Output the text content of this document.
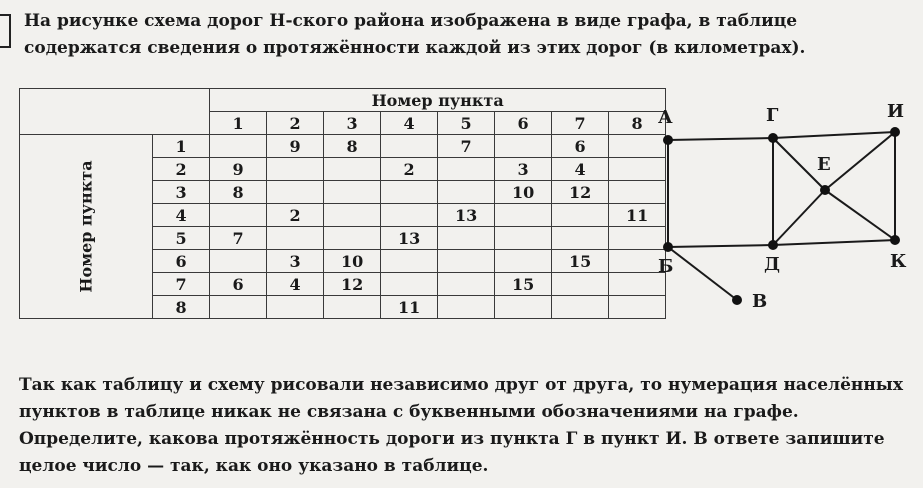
На рисунке схема дорог Н-ского района изображена в виде графа, в таблице содержатся сведения о протяжённости каждой из этих дорог (в километрах).

		Номер пункта							
		1	2	3	4	5	6	7	8
Номер пункта	1		9	8		7		6	
	2	9			2		3	4	
	3	8					10	12	
	4		2			13			11
	5	7			13				
	6		3	10				15	
	7	6	4	12			15		
	8				11				
А	Г	И
Е
Б	Д	К
В

Так как таблицу и схему рисовали независимо друг от друга, то нумерация населённых пунктов в таблице никак не связана с буквенными обозначениями на графе. Определите, какова протяжённость дороги из пункта Г в пункт И. В ответе запишите целое число — так, как оно указано в таблице.
